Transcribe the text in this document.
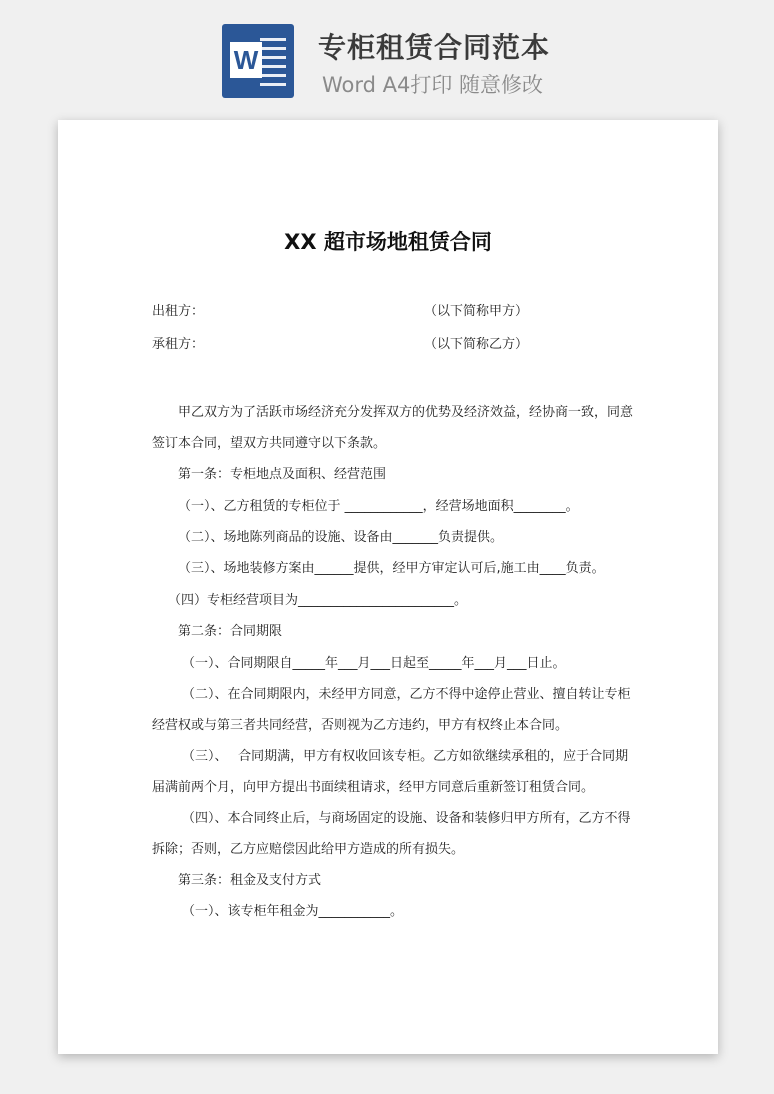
W 专柜租赁合同范本
Word A4打印 随意修改
XX 超市场地租赁合同
出租方：	（以下简称甲方）
承租方：	（以下简称乙方）
甲乙双方为了活跃市场经济充分发挥双方的优势及经济效益，经协商一致，同意
签订本合同，望双方共同遵守以下条款。
第一条：专柜地点及面积、经营范围
（一）、乙方租赁的专柜位于 ____________，经营场地面积________。
（二）、场地陈列商品的设施、设备由_______负责提供。
（三）、场地装修方案由______提供，经甲方审定认可后,施工由____负责。
（四）专柜经营项目为________________________。
第二条：合同期限
（一）、合同期限自_____年___月___日起至_____年___月___日止。
（二）、在合同期限内，未经甲方同意，乙方不得中途停止营业、擅自转让专柜
经营权或与第三者共同经营，否则视为乙方违约，甲方有权终止本合同。
（三）、　 合同期满，甲方有权收回该专柜。乙方如欲继续承租的，应于合同期
届满前两个月，向甲方提出书面续租请求，经甲方同意后重新签订租赁合同。
（四）、本合同终止后，与商场固定的设施、设备和装修归甲方所有，乙方不得
拆除；否则，乙方应赔偿因此给甲方造成的所有损失。
第三条：租金及支付方式
（一）、该专柜年租金为___________。
